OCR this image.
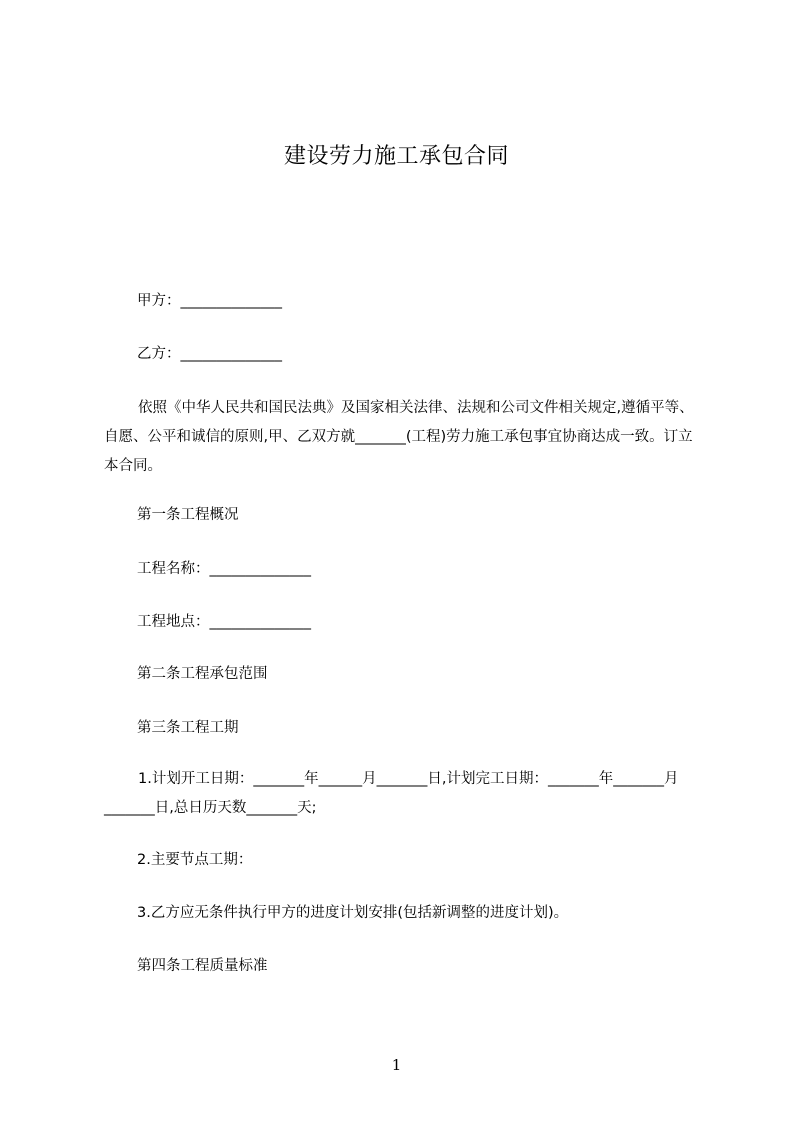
建设劳力施工承包合同
甲方：______________
乙方：______________
依照《中华人民共和国民法典》及国家相关法律、法规和公司文件相关规定,遵循平等、自愿、公平和诚信的原则,甲、乙双方就_______(工程)劳力施工承包事宜协商达成一致。订立本合同。
第一条工程概况
工程名称：______________
工程地点：______________
第二条工程承包范围
第三条工程工期
1.计划开工日期：_______年______月_______日,计划完工日期：_______年_______月_______日,总日历天数_______天;
2.主要节点工期：
3.乙方应无条件执行甲方的进度计划安排(包括新调整的进度计划)。
第四条工程质量标准
1
